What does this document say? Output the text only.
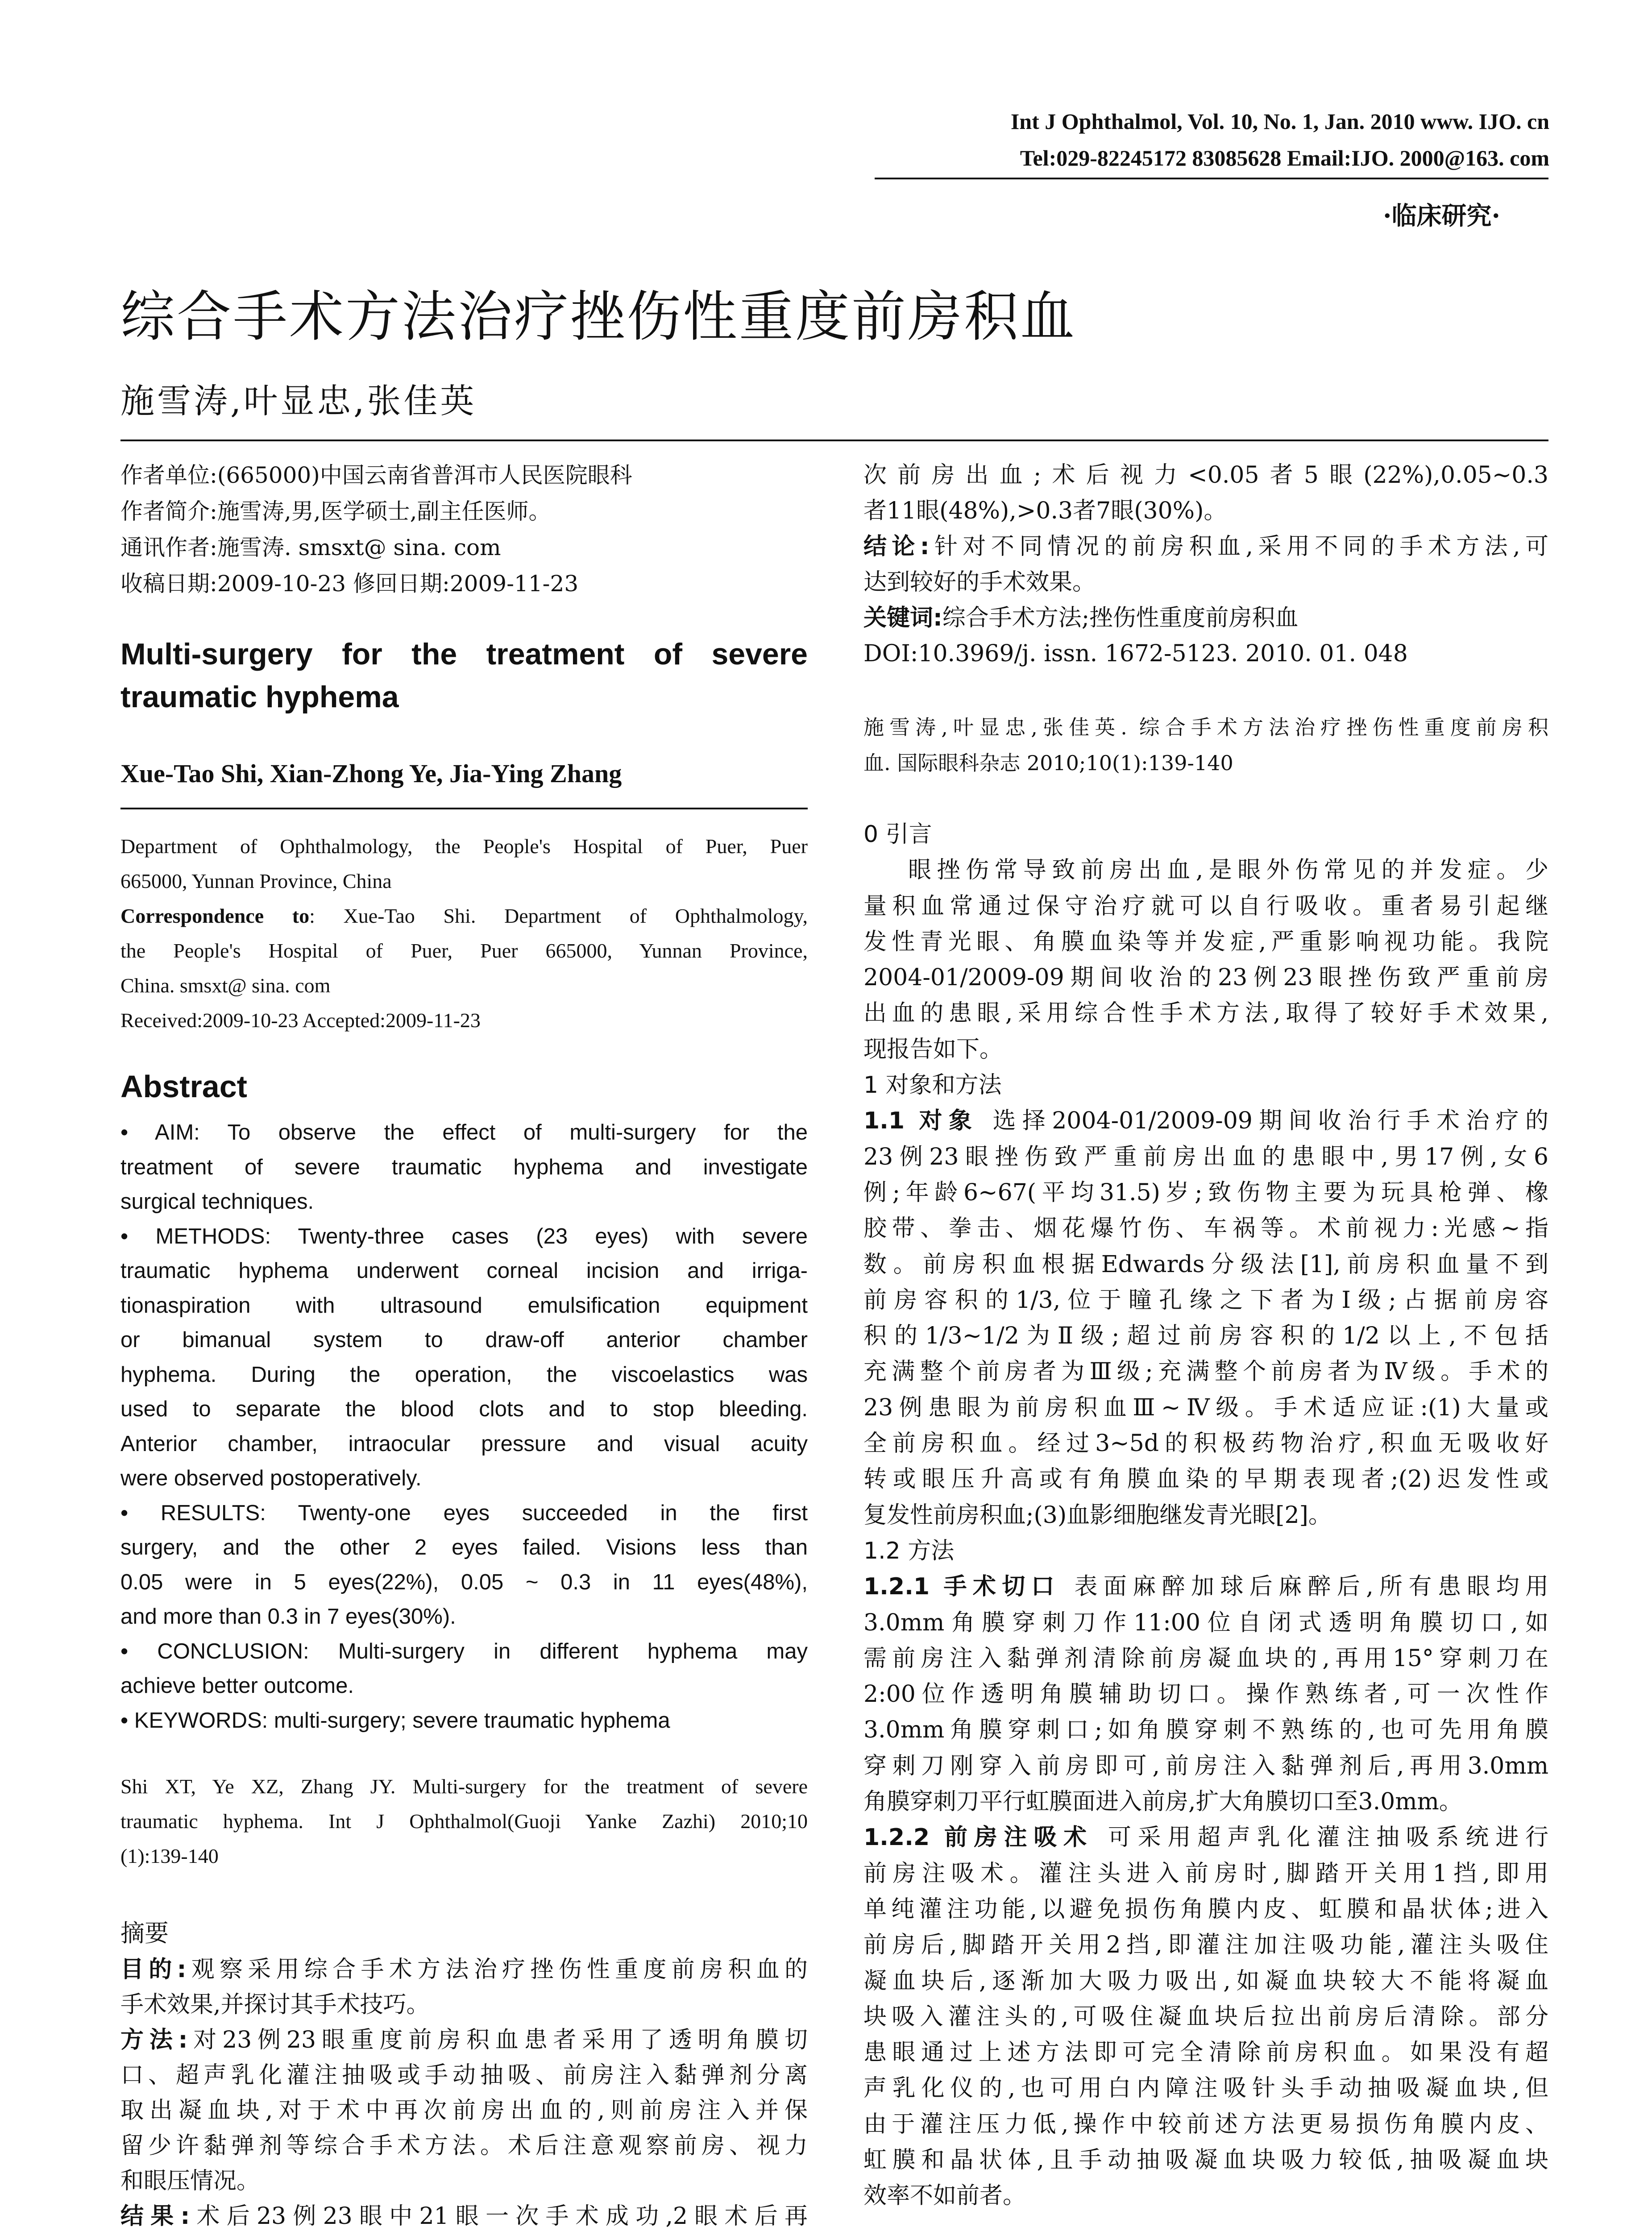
Int J Ophthalmol, Vol. 10, No. 1, Jan. 2010 www. IJO. cn
Tel:029-82245172 83085628 Email:IJO. 2000@163. com
·临床研究·
综合手术方法治疗挫伤性重度前房积血
施雪涛,叶显忠,张佳英
作者单位:(665000)中国云南省普洱市人民医院眼科
作者简介:施雪涛,男,医学硕士,副主任医师。
通讯作者:施雪涛. smsxt@ sina. com
收稿日期:2009-10-23 修回日期:2009-11-23
Multi-surgery for the treatment of severe
traumatic hyphema
Xue-Tao Shi, Xian-Zhong Ye, Jia-Ying Zhang
Department of Ophthalmology, the People's Hospital of Puer, Puer
665000, Yunnan Province, China
Correspondence to: Xue-Tao Shi. Department of Ophthalmology,
the People's Hospital of Puer, Puer 665000, Yunnan Province,
China. smsxt@ sina. com
Received:2009-10-23 Accepted:2009-11-23
Abstract
• AIM: To observe the effect of multi-surgery for the
treatment of severe traumatic hyphema and investigate
surgical techniques.
• METHODS: Twenty-three cases (23 eyes) with severe
traumatic hyphema underwent corneal incision and irriga-
tionaspiration with ultrasound emulsification equipment
or bimanual system to draw-off anterior chamber
hyphema. During the operation, the viscoelastics was
used to separate the blood clots and to stop bleeding.
Anterior chamber, intraocular pressure and visual acuity
were observed postoperatively.
• RESULTS: Twenty-one eyes succeeded in the first
surgery, and the other 2 eyes failed. Visions less than
0.05 were in 5 eyes(22%), 0.05 ~ 0.3 in 11 eyes(48%),
and more than 0.3 in 7 eyes(30%).
• CONCLUSION: Multi-surgery in different hyphema may
achieve better outcome.
• KEYWORDS: multi-surgery; severe traumatic hyphema
Shi XT, Ye XZ, Zhang JY. Multi-surgery for the treatment of severe
traumatic hyphema. Int J Ophthalmol(Guoji Yanke Zazhi) 2010;10
(1):139-140
摘要
目的:观察采用综合手术方法治疗挫伤性重度前房积血的
手术效果,并探讨其手术技巧。
方法:对23例23眼重度前房积血患者采用了透明角膜切
口、超声乳化灌注抽吸或手动抽吸、前房注入黏弹剂分离
取出凝血块,对于术中再次前房出血的,则前房注入并保
留少许黏弹剂等综合手术方法。术后注意观察前房、视力
和眼压情况。
结果:术后23例23眼中21眼一次手术成功,2眼术后再
次前房出血;术后视力<0.05者5眼(22%),0.05~0.3
者11眼(48%),>0.3者7眼(30%)。
结论:针对不同情况的前房积血,采用不同的手术方法,可
达到较好的手术效果。
关键词:综合手术方法;挫伤性重度前房积血
DOI:10.3969/j. issn. 1672-5123. 2010. 01. 048
施雪涛,叶显忠,张佳英. 综合手术方法治疗挫伤性重度前房积
血. 国际眼科杂志 2010;10(1):139-140
0 引言
眼挫伤常导致前房出血,是眼外伤常见的并发症。少
量积血常通过保守治疗就可以自行吸收。重者易引起继
发性青光眼、角膜血染等并发症,严重影响视功能。我院
2004-01/2009-09期间收治的23例23眼挫伤致严重前房
出血的患眼,采用综合性手术方法,取得了较好手术效果,
现报告如下。
1 对象和方法
1.1 对象 选择2004-01/2009-09期间收治行手术治疗的
23例23眼挫伤致严重前房出血的患眼中,男17例,女6
例;年龄6~67(平均31.5)岁;致伤物主要为玩具枪弹、橡
胶带、拳击、烟花爆竹伤、车祸等。术前视力:光感~指
数。前房积血根据Edwards分级法[1],前房积血量不到
前房容积的1/3,位于瞳孔缘之下者为Ⅰ级;占据前房容
积的1/3~1/2为Ⅱ级;超过前房容积的1/2以上,不包括
充满整个前房者为Ⅲ级;充满整个前房者为Ⅳ级。手术的
23例患眼为前房积血Ⅲ~Ⅳ级。手术适应证:(1)大量或
全前房积血。经过3~5d的积极药物治疗,积血无吸收好
转或眼压升高或有角膜血染的早期表现者;(2)迟发性或
复发性前房积血;(3)血影细胞继发青光眼[2]。
1.2 方法
1.2.1 手术切口 表面麻醉加球后麻醉后,所有患眼均用
3.0mm角膜穿刺刀作11:00位自闭式透明角膜切口,如
需前房注入黏弹剂清除前房凝血块的,再用15°穿刺刀在
2:00位作透明角膜辅助切口。操作熟练者,可一次性作
3.0mm角膜穿刺口;如角膜穿刺不熟练的,也可先用角膜
穿刺刀刚穿入前房即可,前房注入黏弹剂后,再用3.0mm
角膜穿刺刀平行虹膜面进入前房,扩大角膜切口至3.0mm。
1.2.2 前房注吸术 可采用超声乳化灌注抽吸系统进行
前房注吸术。灌注头进入前房时,脚踏开关用1挡,即用
单纯灌注功能,以避免损伤角膜内皮、虹膜和晶状体;进入
前房后,脚踏开关用2挡,即灌注加注吸功能,灌注头吸住
凝血块后,逐渐加大吸力吸出,如凝血块较大不能将凝血
块吸入灌注头的,可吸住凝血块后拉出前房后清除。部分
患眼通过上述方法即可完全清除前房积血。如果没有超
声乳化仪的,也可用白内障注吸针头手动抽吸凝血块,但
由于灌注压力低,操作中较前述方法更易损伤角膜内皮、
虹膜和晶状体,且手动抽吸凝血块吸力较低,抽吸凝血块
效率不如前者。
